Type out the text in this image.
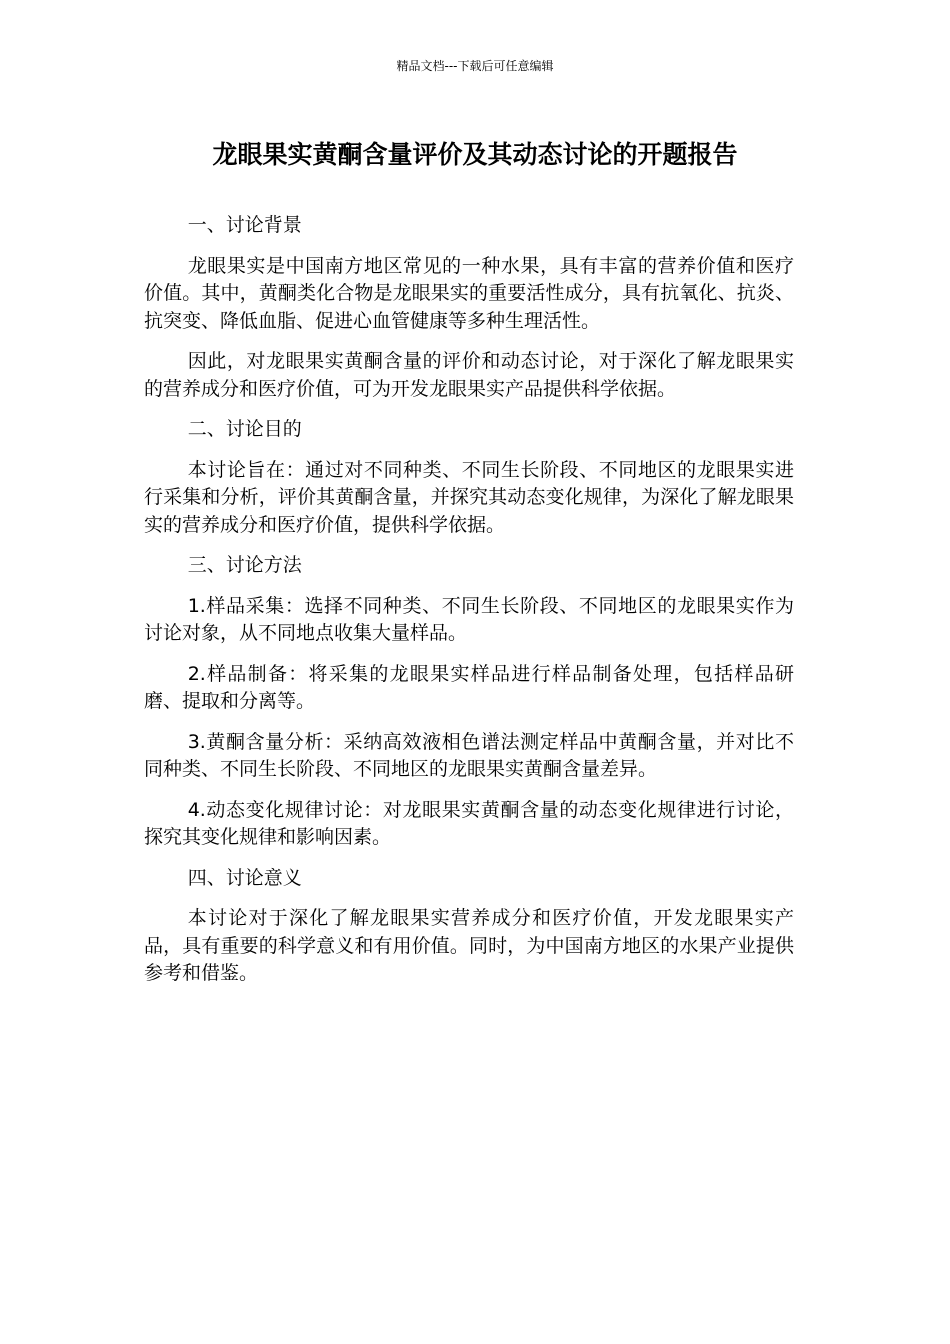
精品文档---下载后可任意编辑
龙眼果实黄酮含量评价及其动态讨论的开题报告
一、讨论背景

龙眼果实是中国南方地区常见的一种水果，具有丰富的营养价值和医疗价值。其中，黄酮类化合物是龙眼果实的重要活性成分，具有抗氧化、抗炎、抗突变、降低血脂、促进心血管健康等多种生理活性。

因此，对龙眼果实黄酮含量的评价和动态讨论，对于深化了解龙眼果实的营养成分和医疗价值，可为开发龙眼果实产品提供科学依据。

二、讨论目的

本讨论旨在：通过对不同种类、不同生长阶段、不同地区的龙眼果实进行采集和分析，评价其黄酮含量，并探究其动态变化规律，为深化了解龙眼果实的营养成分和医疗价值，提供科学依据。

三、讨论方法

1.样品采集：选择不同种类、不同生长阶段、不同地区的龙眼果实作为讨论对象，从不同地点收集大量样品。

2.样品制备：将采集的龙眼果实样品进行样品制备处理，包括样品研磨、提取和分离等。

3.黄酮含量分析：采纳高效液相色谱法测定样品中黄酮含量，并对比不同种类、不同生长阶段、不同地区的龙眼果实黄酮含量差异。

4.动态变化规律讨论：对龙眼果实黄酮含量的动态变化规律进行讨论，探究其变化规律和影响因素。

四、讨论意义

本讨论对于深化了解龙眼果实营养成分和医疗价值，开发龙眼果实产品，具有重要的科学意义和有用价值。同时，为中国南方地区的水果产业提供参考和借鉴。
